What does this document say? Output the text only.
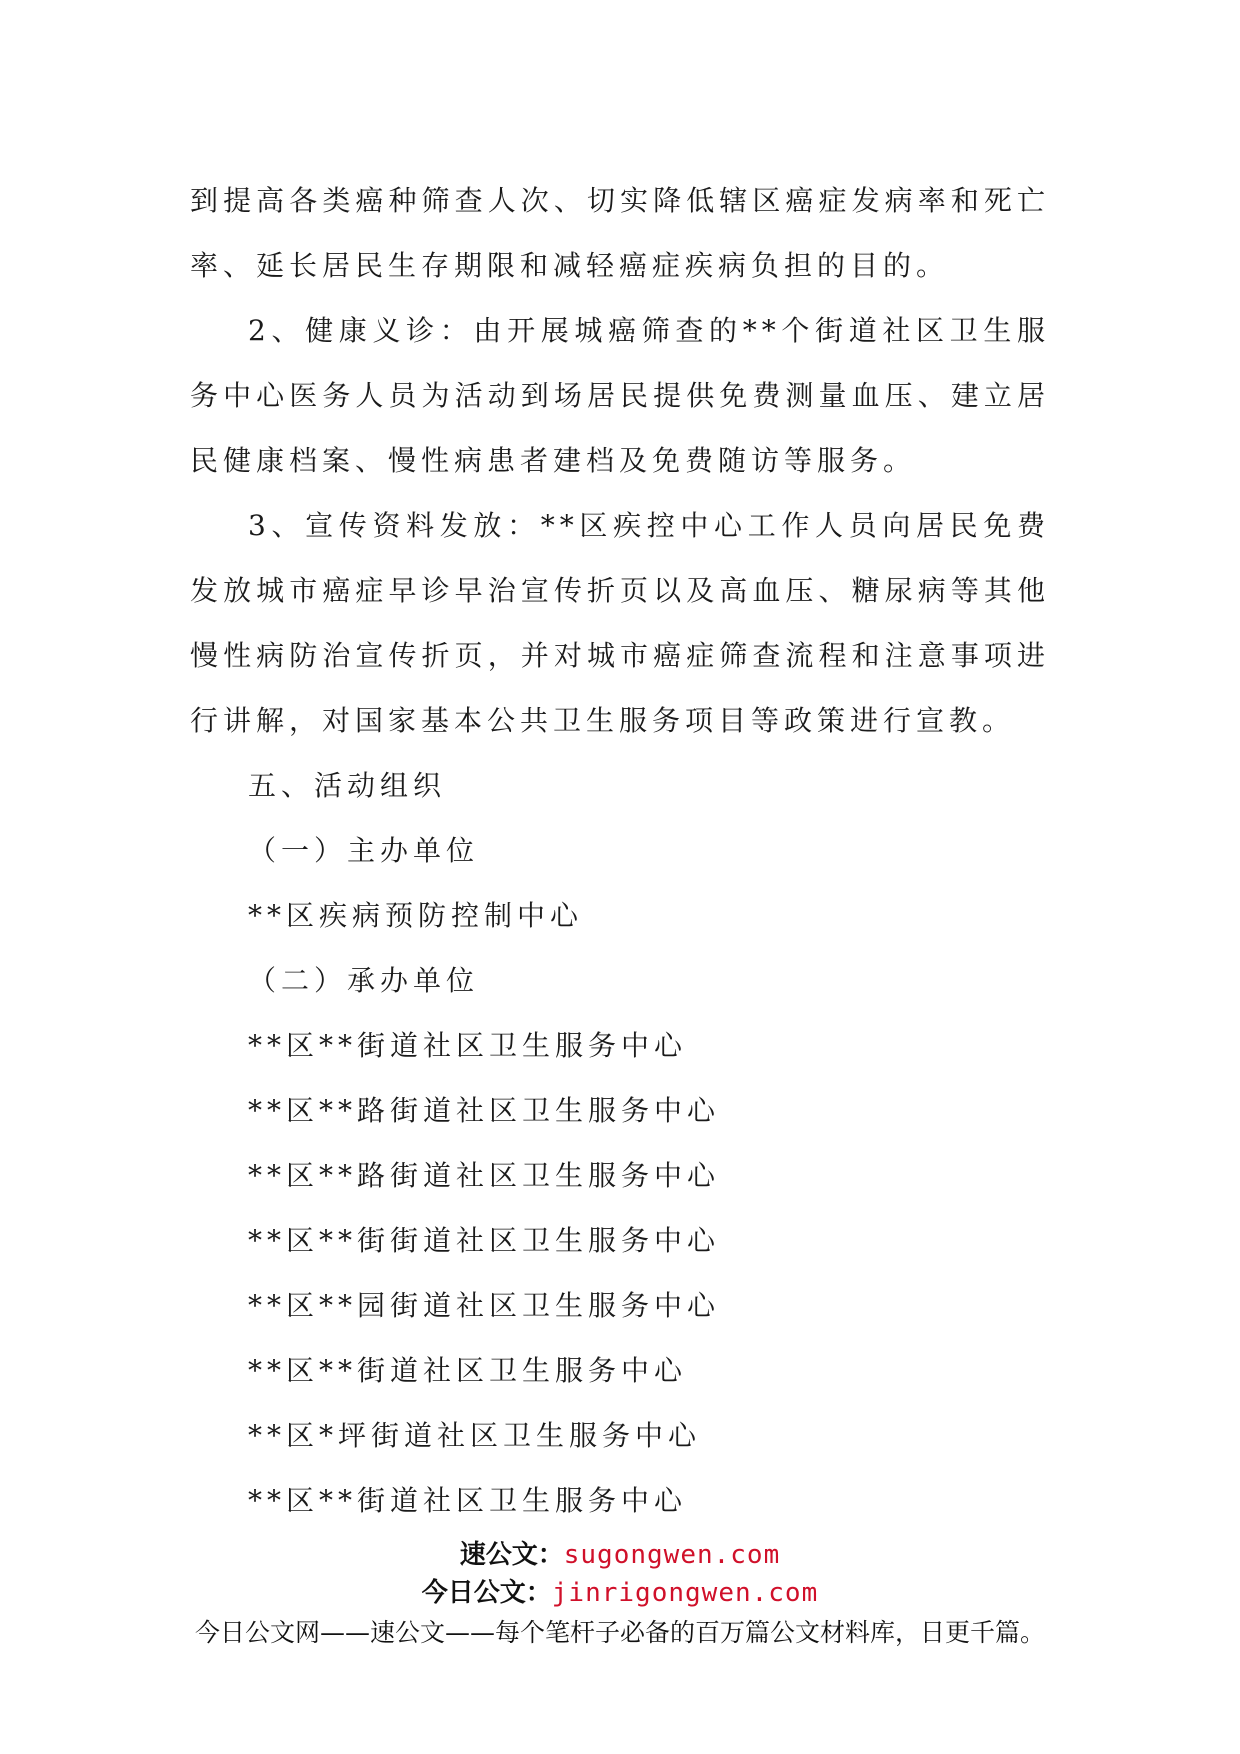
到提高各类癌种筛查人次、切实降低辖区癌症发病率和死亡率、延长居民生存期限和减轻癌症疾病负担的目的。

2、健康义诊：由开展城癌筛查的**个街道社区卫生服务中心医务人员为活动到场居民提供免费测量血压、建立居民健康档案、慢性病患者建档及免费随访等服务。

3、宣传资料发放：**区疾控中心工作人员向居民免费发放城市癌症早诊早治宣传折页以及高血压、糖尿病等其他慢性病防治宣传折页，并对城市癌症筛查流程和注意事项进行讲解，对国家基本公共卫生服务项目等政策进行宣教。

五、活动组织

（一）主办单位

**区疾病预防控制中心

（二）承办单位

**区**街道社区卫生服务中心

**区**路街道社区卫生服务中心

**区**路街道社区卫生服务中心

**区**街街道社区卫生服务中心

**区**园街道社区卫生服务中心

**区**街道社区卫生服务中心

**区*坪街道社区卫生服务中心

**区**街道社区卫生服务中心

速公文：sugongwen.com
今日公文：jinrigongwen.com
今日公文网——速公文——每个笔杆子必备的百万篇公文材料库，日更千篇。
